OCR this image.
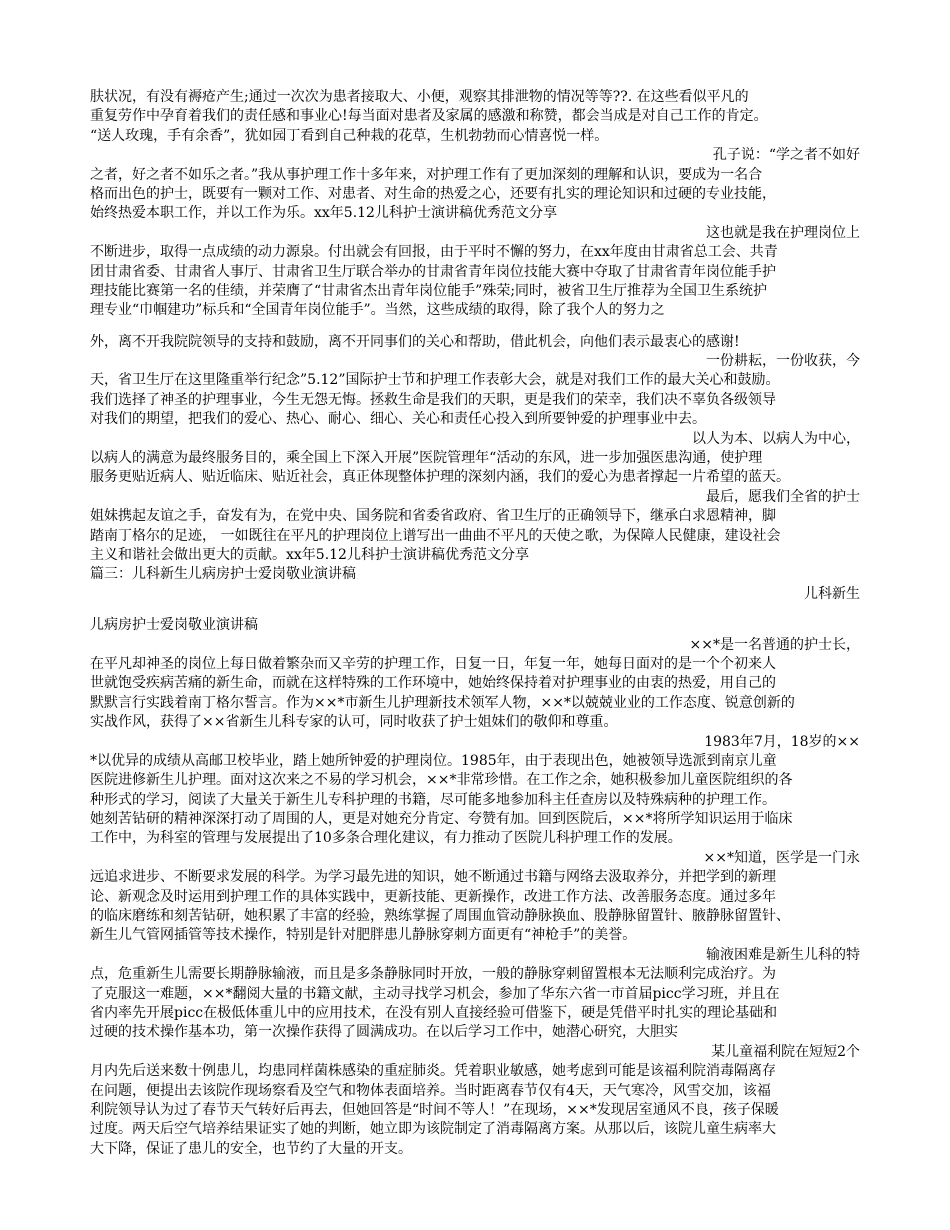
肤状况，有没有褥疮产生;通过一次次为患者接取大、小便，观察其排泄物的情况等等??. 在这些看似平凡的
重复劳作中孕育着我们的责任感和事业心!每当面对患者及家属的感激和称赞，都会当成是对自己工作的肯定。
“送人玫瑰，手有余香”，犹如园丁看到自己种栽的花草，生机勃勃而心情喜悦一样。
孔子说：“学之者不如好
之者，好之者不如乐之者。”我从事护理工作十多年来，对护理工作有了更加深刻的理解和认识，要成为一名合
格而出色的护士，既要有一颗对工作、对患者、对生命的热爱之心，还要有扎实的理论知识和过硬的专业技能，
始终热爱本职工作，并以工作为乐。xx年5.12儿科护士演讲稿优秀范文分享
这也就是我在护理岗位上
不断进步，取得一点成绩的动力源泉。付出就会有回报，由于平时不懈的努力，在xx年度由甘肃省总工会、共青
团甘肃省委、甘肃省人事厅、甘肃省卫生厅联合举办的甘肃省青年岗位技能大赛中夺取了甘肃省青年岗位能手护
理技能比赛第一名的佳绩，并荣膺了“甘肃省杰出青年岗位能手”殊荣;同时，被省卫生厅推荐为全国卫生系统护
理专业“巾帼建功”标兵和“全国青年岗位能手”。当然，这些成绩的取得，除了我个人的努力之
外，离不开我院院领导的支持和鼓励，离不开同事们的关心和帮助，借此机会，向他们表示最衷心的感谢!
一份耕耘，一份收获，今
天，省卫生厅在这里隆重举行纪念”5.12”国际护士节和护理工作表彰大会，就是对我们工作的最大关心和鼓励。
我们选择了神圣的护理事业，今生无怨无悔。拯救生命是我们的天职，更是我们的荣幸，我们决不辜负各级领导
对我们的期望，把我们的爱心、热心、耐心、细心、关心和责任心投入到所要钟爱的护理事业中去。
以人为本、以病人为中心，
以病人的满意为最终服务目的，乘全国上下深入开展”医院管理年“活动的东风，进一步加强医患沟通，使护理
服务更贴近病人、贴近临床、贴近社会，真正体现整体护理的深刻内涵，我们的爱心为患者撑起一片希望的蓝天。
最后，愿我们全省的护士
姐妹携起友谊之手，奋发有为，在党中央、国务院和省委省政府、省卫生厅的正确领导下，继承白求恩精神，脚
踏南丁格尔的足迹， 一如既往在平凡的护理岗位上谱写出一曲曲不平凡的天使之歌，为保障人民健康，建设社会
主义和谐社会做出更大的贡献。xx年5.12儿科护士演讲稿优秀范文分享
篇三：儿科新生儿病房护士爱岗敬业演讲稿
儿科新生
儿病房护士爱岗敬业演讲稿
××*是一名普通的护士长，
在平凡却神圣的岗位上每日做着繁杂而又辛劳的护理工作，日复一日，年复一年，她每日面对的是一个个初来人
世就饱受疾病苦痛的新生命，而就在这样特殊的工作环境中，她始终保持着对护理事业的由衷的热爱，用自己的
默默言行实践着南丁格尔誓言。作为××*市新生儿护理新技术领军人物，××*以兢兢业业的工作态度、锐意创新的
实战作风，获得了××省新生儿科专家的认可，同时收获了护士姐妹们的敬仰和尊重。
1983年7月，18岁的××
*以优异的成绩从高邮卫校毕业，踏上她所钟爱的护理岗位。1985年，由于表现出色，她被领导选派到南京儿童
医院进修新生儿护理。面对这次来之不易的学习机会，××*非常珍惜。在工作之余，她积极参加儿童医院组织的各
种形式的学习，阅读了大量关于新生儿专科护理的书籍，尽可能多地参加科主任查房以及特殊病种的护理工作。
她刻苦钻研的精神深深打动了周围的人，更是对她充分肯定、夸赞有加。回到医院后，××*将所学知识运用于临床
工作中，为科室的管理与发展提出了10多条合理化建议，有力推动了医院儿科护理工作的发展。
××*知道，医学是一门永
远追求进步、不断要求发展的科学。为学习最先进的知识，她不断通过书籍与网络去汲取养分，并把学到的新理
论、新观念及时运用到护理工作的具体实践中，更新技能、更新操作，改进工作方法、改善服务态度。通过多年
的临床磨练和刻苦钻研，她积累了丰富的经验，熟练掌握了周围血管动静脉换血、股静脉留置针、腋静脉留置针、
新生儿气管网插管等技术操作，特别是针对肥胖患儿静脉穿刺方面更有“神枪手”的美誉。
输液困难是新生儿科的特
点，危重新生儿需要长期静脉输液，而且是多条静脉同时开放，一般的静脉穿刺留置根本无法顺利完成治疗。为
了克服这一难题，××*翻阅大量的书籍文献，主动寻找学习机会，参加了华东六省一市首届picc学习班，并且在
省内率先开展picc在极低体重儿中的应用技术，在没有别人直接经验可借鉴下，硬是凭借平时扎实的理论基础和
过硬的技术操作基本功，第一次操作获得了圆满成功。在以后学习工作中，她潜心研究，大胆实
某儿童福利院在短短2个
月内先后送来数十例患儿，均患同样菌株感染的重症肺炎。凭着职业敏感，她考虑到可能是该福利院消毒隔离存
在问题，便提出去该院作现场察看及空气和物体表面培养。当时距离春节仅有4天，天气寒冷，风雪交加，该福
利院领导认为过了春节天气转好后再去，但她回答是“时间不等人！”在现场，××*发现居室通风不良，孩子保暖
过度。两天后空气培养结果证实了她的判断，她立即为该院制定了消毒隔离方案。从那以后，该院儿童生病率大
大下降，保证了患儿的安全，也节约了大量的开支。
